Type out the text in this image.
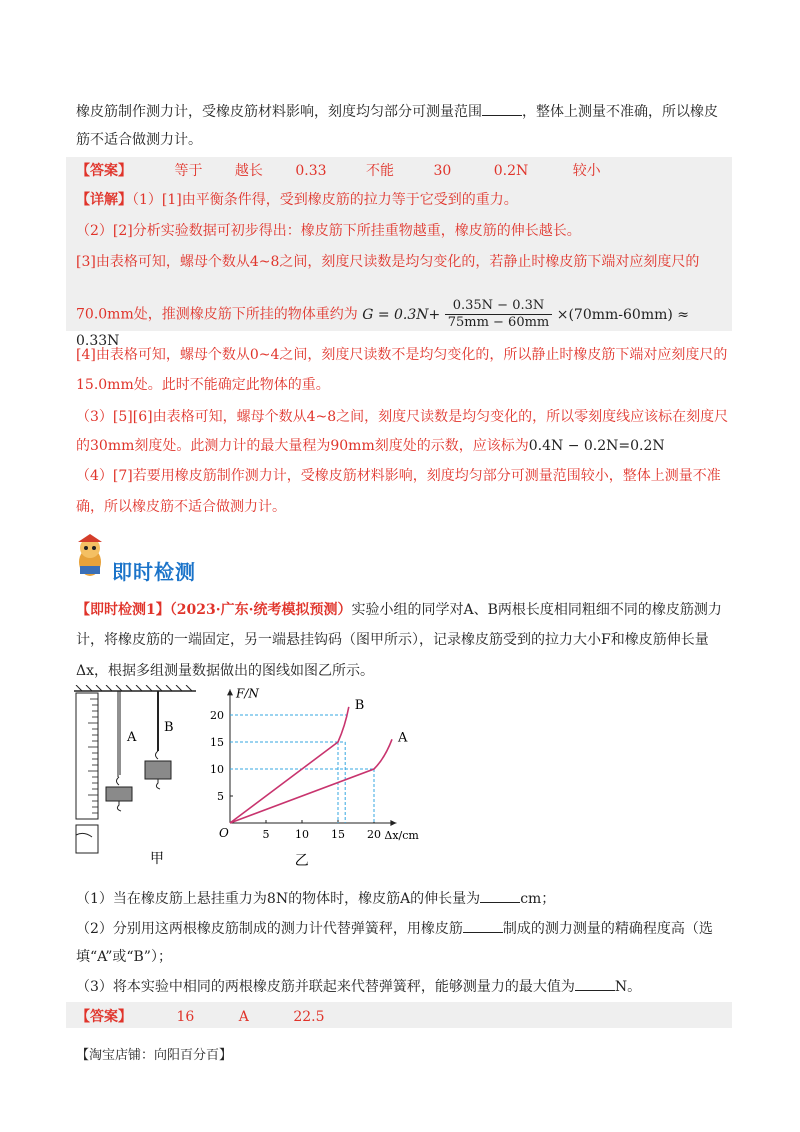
橡皮筋制作测力计，受橡皮筋材料影响，刻度均匀部分可测量范围	，整体上测量不准确，所以橡皮
筋不适合做测力计。
【答案】	等于 越长 0.33	不能	30	0.2N	较小
【详解】（1）[1]由平衡条件得，受到橡皮筋的拉力等于它受到的重力。
（2）[2]分析实验数据可初步得出：橡皮筋下所挂重物越重，橡皮筋的伸长越长。
[3]由表格可知，螺母个数从4~8之间，刻度尺读数是均匀变化的，若静止时橡皮筋下端对应刻度尺的
70.0mm处，推测橡皮筋下所挂的物体重约为 $G = 0.3N+ \frac{0.35N - 0.3N}{75mm - 60mm} \times(70mm-60mm) \approx 0.33N$
[4]由表格可知，螺母个数从0~4之间，刻度尺读数不是均匀变化的，所以静止时橡皮筋下端对应刻度尺的
15.0mm处。此时不能确定此物体的重。
（3）[5][6]由表格可知，螺母个数从4~8之间，刻度尺读数是均匀变化的，所以零刻度线应该标在刻度尺
的30mm刻度处。此测力计的最大量程为90mm刻度处的示数，应该标为0.4N − 0.2N=0.2N
（4）[7]若要用橡皮筋制作测力计，受橡皮筋材料影响，刻度均匀部分可测量范围较小，整体上测量不准
确，所以橡皮筋不适合做测力计。
即时检测
【即时检测1】（2023·广东·统考模拟预测）实验小组的同学对A、B两根长度相同粗细不同的橡皮筋测力
计，将橡皮筋的一端固定，另一端悬挂钩码（图甲所示），记录橡皮筋受到的拉力大小F和橡皮筋伸长量
Δx，根据多组测量数据做出的图线如图乙所示。
A
B
甲
F/N
Δx/cm
O	5 10 15 20
5
10
15
20
A
B
乙
（1）当在橡皮筋上悬挂重力为8N的物体时，橡皮筋A的伸长量为	cm；
（2）分别用这两根橡皮筋制成的测力计代替弹簧秤，用橡皮筋	制成的测力测量的精确程度高（选
填“A”或“B”）；
（3）将本实验中相同的两根橡皮筋并联起来代替弹簧秤，能够测量力的最大值为	N。
【答案】	16	A	22.5
【淘宝店铺：向阳百分百】
